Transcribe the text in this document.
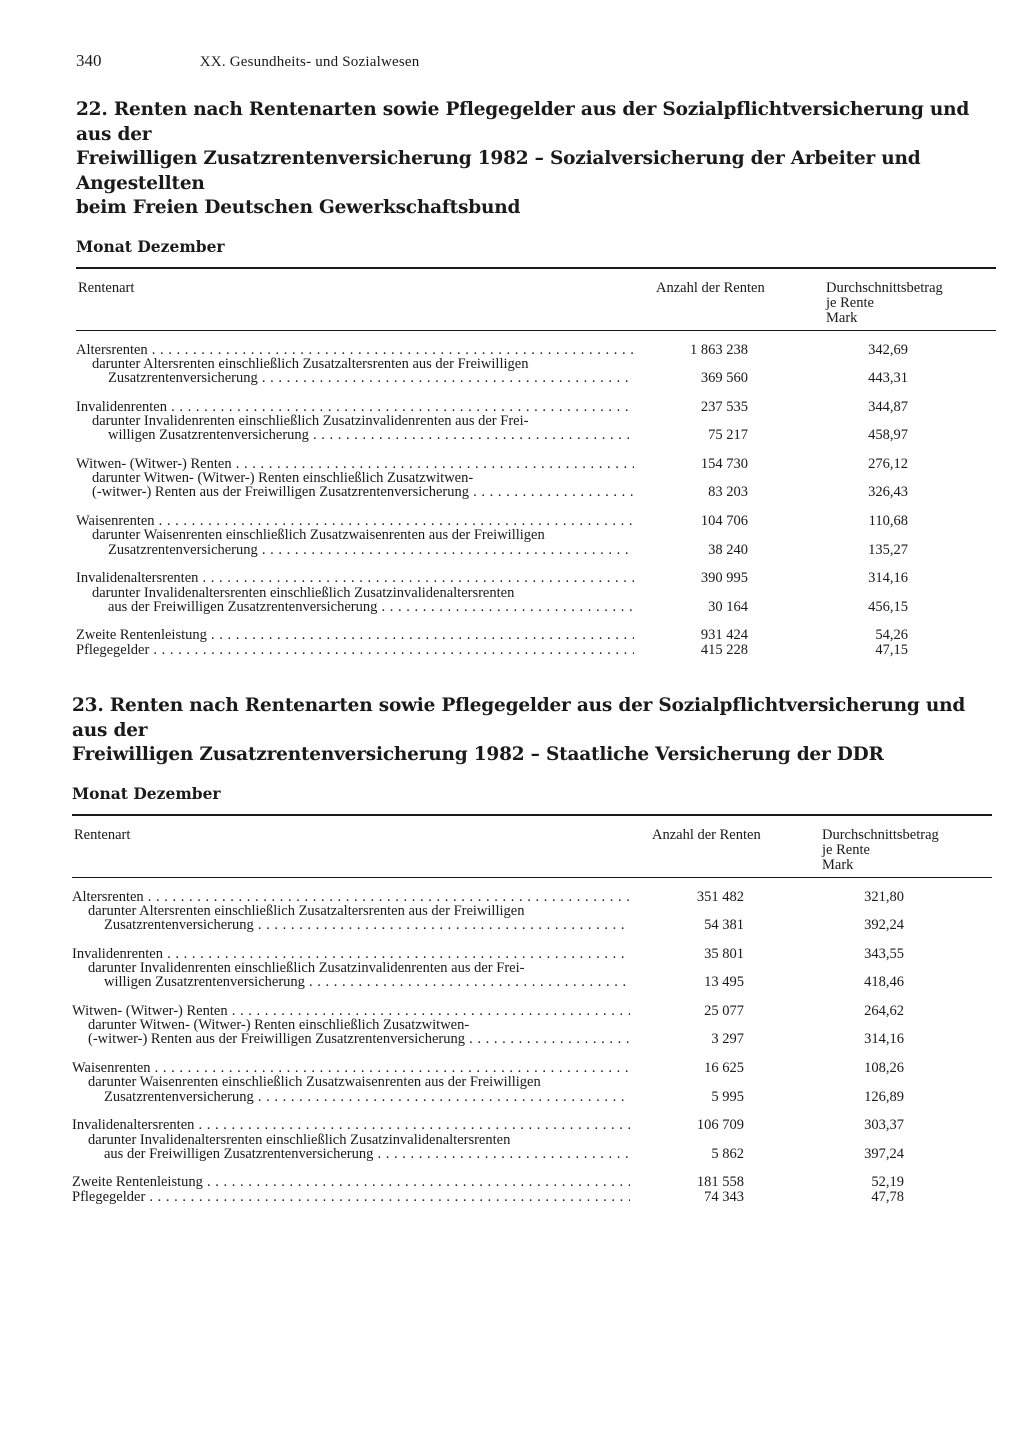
340	XX. Gesundheits- und Sozialwesen
22. Renten nach Rentenarten sowie Pflegegelder aus der Sozialpflichtversicherung und aus der
Freiwilligen Zusatzrentenversicherung 1982 – Sozialversicherung der Arbeiter und Angestellten
beim Freien Deutschen Gewerkschaftsbund
Monat Dezember
Rentenart	Anzahl der Renten	Durchschnittsbetrag
je Rente
Mark
Altersrenten . . .	1 863 238	342,69
darunter Altersrenten einschließlich Zusatzaltersrenten aus der Freiwilligen
Zusatzrentenversicherung . . .	369 560	443,31
Invalidenrenten . . .	237 535	344,87
darunter Invalidenrenten einschließlich Zusatzinvalidenrenten aus der Frei-
willigen Zusatzrentenversicherung . . .	75 217	458,97
Witwen- (Witwer-) Renten . . .	154 730	276,12
darunter Witwen- (Witwer-) Renten einschließlich Zusatzwitwen-
(-witwer-) Renten aus der Freiwilligen Zusatzrentenversicherung . . .	83 203	326,43
Waisenrenten . . .	104 706	110,68
darunter Waisenrenten einschließlich Zusatzwaisenrenten aus der Freiwilligen
Zusatzrentenversicherung . . .	38 240	135,27
Invalidenaltersrenten . . .	390 995	314,16
darunter Invalidenaltersrenten einschließlich Zusatzinvalidenaltersrenten
aus der Freiwilligen Zusatzrentenversicherung . . .	30 164	456,15
Zweite Rentenleistung . . .	931 424	54,26
Pflegegelder . . .	415 228	47,15
23. Renten nach Rentenarten sowie Pflegegelder aus der Sozialpflichtversicherung und aus der
Freiwilligen Zusatzrentenversicherung 1982 – Staatliche Versicherung der DDR
Monat Dezember
Rentenart	Anzahl der Renten	Durchschnittsbetrag
je Rente
Mark
Altersrenten . . .	351 482	321,80
darunter Altersrenten einschließlich Zusatzaltersrenten aus der Freiwilligen
Zusatzrentenversicherung . . .	54 381	392,24
Invalidenrenten . . .	35 801	343,55
darunter Invalidenrenten einschließlich Zusatzinvalidenrenten aus der Frei-
willigen Zusatzrentenversicherung . . .	13 495	418,46
Witwen- (Witwer-) Renten . . .	25 077	264,62
darunter Witwen- (Witwer-) Renten einschließlich Zusatzwitwen-
(-witwer-) Renten aus der Freiwilligen Zusatzrentenversicherung . . .	3 297	314,16
Waisenrenten . . .	16 625	108,26
darunter Waisenrenten einschließlich Zusatzwaisenrenten aus der Freiwilligen
Zusatzrentenversicherung . . .	5 995	126,89
Invalidenaltersrenten . . .	106 709	303,37
darunter Invalidenaltersrenten einschließlich Zusatzinvalidenaltersrenten
aus der Freiwilligen Zusatzrentenversicherung . . .	5 862	397,24
Zweite Rentenleistung . . .	181 558	52,19
Pflegegelder . . .	74 343	47,78
